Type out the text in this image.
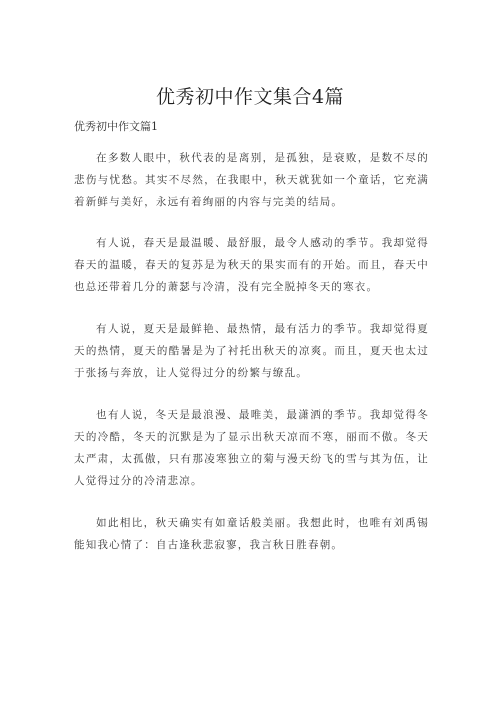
优秀初中作文集合4篇

优秀初中作文篇1

在多数人眼中，秋代表的是离别，是孤独，是衰败，是数不尽的悲伤与忧愁。其实不尽然，在我眼中，秋天就犹如一个童话，它充满着新鲜与美好，永远有着绚丽的内容与完美的结局。

有人说，春天是最温暖、最舒服，最令人感动的季节。我却觉得春天的温暖，春天的复苏是为秋天的果实而有的开始。而且，春天中也总还带着几分的萧瑟与冷清，没有完全脱掉冬天的寒衣。

有人说，夏天是最鲜艳、最热情，最有活力的季节。我却觉得夏天的热情，夏天的酷暑是为了衬托出秋天的凉爽。而且，夏天也太过于张扬与奔放，让人觉得过分的纷繁与缭乱。

也有人说，冬天是最浪漫、最唯美，最潇洒的季节。我却觉得冬天的冷酷，冬天的沉默是为了显示出秋天凉而不寒，丽而不傲。冬天太严肃，太孤傲，只有那凌寒独立的菊与漫天纷飞的雪与其为伍，让人觉得过分的冷清悲凉。

如此相比，秋天确实有如童话般美丽。我想此时，也唯有刘禹锡能知我心情了：自古逢秋悲寂寥，我言秋日胜春朝。
